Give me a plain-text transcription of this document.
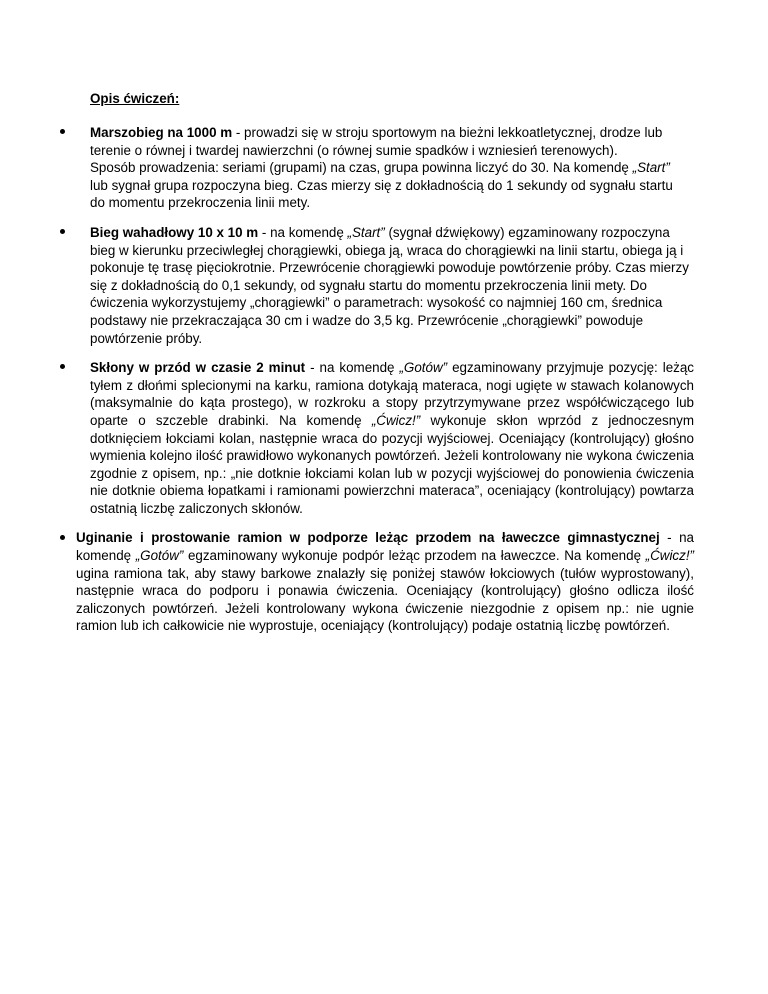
Opis ćwiczeń:
Marszobieg na 1000 m - prowadzi się w stroju sportowym na bieżni lekkoatletycznej, drodze lub terenie o równej i twardej nawierzchni (o równej sumie spadków i wzniesień terenowych).
Sposób prowadzenia: seriami (grupami) na czas, grupa powinna liczyć do 30. Na komendę „Start” lub sygnał grupa rozpoczyna bieg. Czas mierzy się z dokładnością do 1 sekundy od sygnału startu do momentu przekroczenia linii mety.
Bieg wahadłowy 10 x 10 m - na komendę „Start” (sygnał dźwiękowy) egzaminowany rozpoczyna bieg w kierunku przeciwległej chorągiewki, obiega ją, wraca do chorągiewki na linii startu, obiega ją i pokonuje tę trasę pięciokrotnie. Przewrócenie chorągiewki powoduje powtórzenie próby. Czas mierzy się z dokładnością do 0,1 sekundy, od sygnału startu do momentu przekroczenia linii mety. Do ćwiczenia wykorzystujemy „chorągiewki” o parametrach: wysokość co najmniej 160 cm, średnica podstawy nie przekraczająca 30 cm i wadze do 3,5 kg. Przewrócenie „chorągiewki” powoduje powtórzenie próby.
Skłony w przód w czasie 2 minut - na komendę „Gotów” egzaminowany przyjmuje pozycję: leżąc tyłem z dłońmi splecionymi na karku, ramiona dotykają materaca, nogi ugięte w stawach kolanowych (maksymalnie do kąta prostego), w rozkroku a stopy przytrzymywane przez współćwiczącego lub oparte o szczeble drabinki. Na komendę „Ćwicz!” wykonuje skłon wprzód z jednoczesnym dotknięciem łokciami kolan, następnie wraca do pozycji wyjściowej. Oceniający (kontrolujący) głośno wymienia kolejno ilość prawidłowo wykonanych powtórzeń. Jeżeli kontrolowany nie wykona ćwiczenia zgodnie z opisem, np.: „nie dotknie łokciami kolan lub w pozycji wyjściowej do ponowienia ćwiczenia nie dotknie obiema łopatkami i ramionami powierzchni materaca”, oceniający (kontrolujący) powtarza ostatnią liczbę zaliczonych skłonów.
Uginanie i prostowanie ramion w podporze leżąc przodem na ławeczce gimnastycznej - na komendę „Gotów” egzaminowany wykonuje podpór leżąc przodem na ławeczce. Na komendę „Ćwicz!” ugina ramiona tak, aby stawy barkowe znalazły się poniżej stawów łokciowych (tułów wyprostowany), następnie wraca do podporu i ponawia ćwiczenia. Oceniający (kontrolujący) głośno odlicza ilość zaliczonych powtórzeń. Jeżeli kontrolowany wykona ćwiczenie niezgodnie z opisem np.: nie ugnie ramion lub ich całkowicie nie wyprostuje, oceniający (kontrolujący) podaje ostatnią liczbę powtórzeń.
